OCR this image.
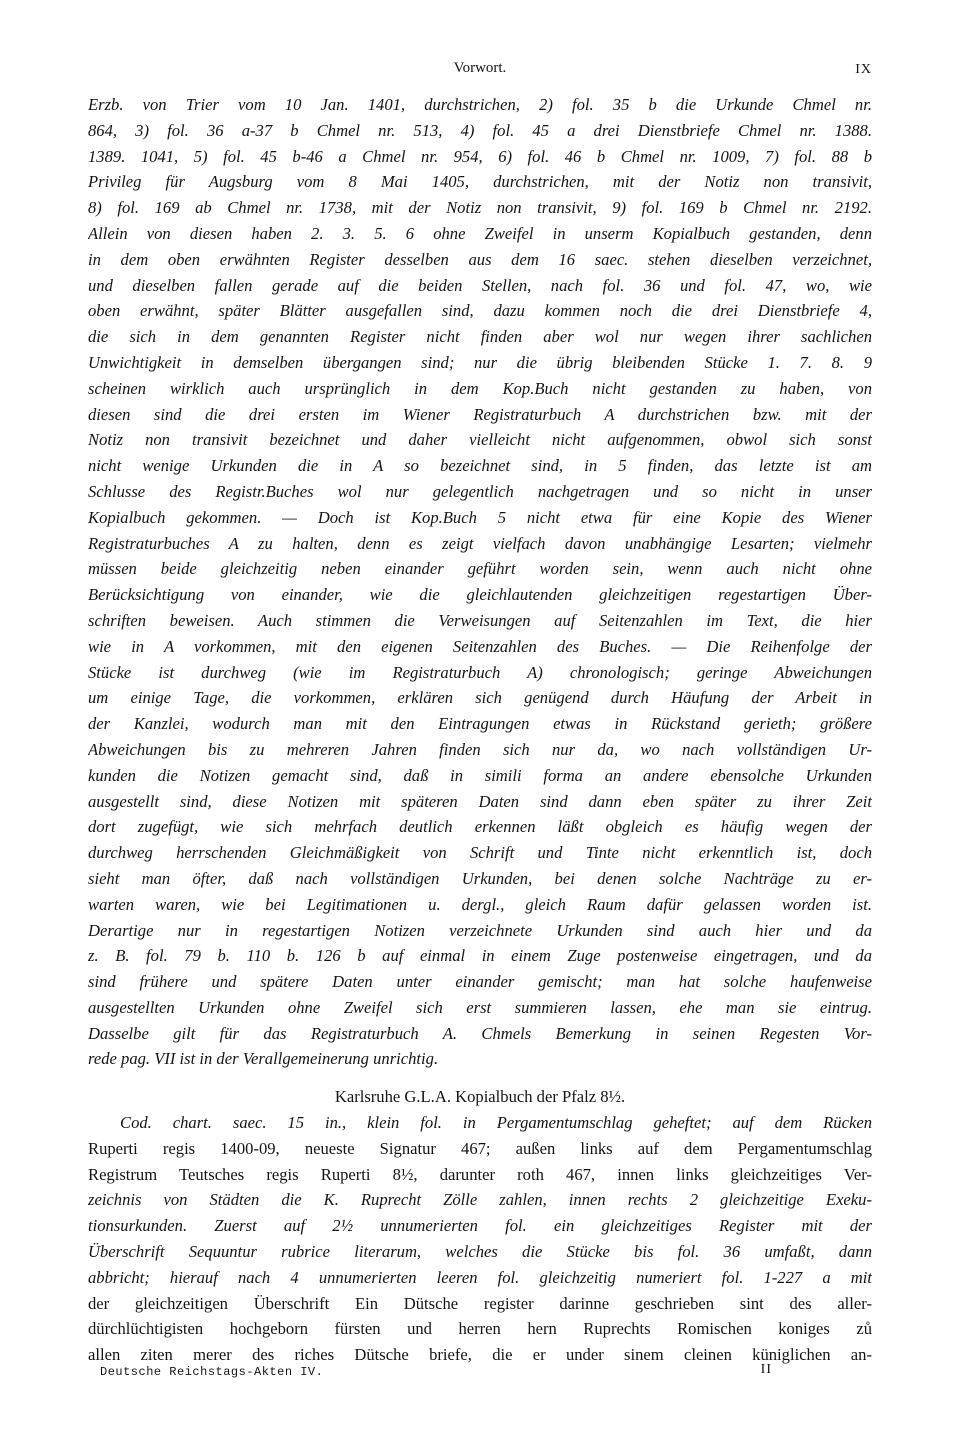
Vorwort.	IX
Erzb. von Trier vom 10 Jan. 1401, durchstrichen, 2) fol. 35 b die Urkunde Chmel nr.
864, 3) fol. 36 a-37 b Chmel nr. 513, 4) fol. 45 a drei Dienstbriefe Chmel nr. 1388.
1389. 1041, 5) fol. 45 b-46 a Chmel nr. 954, 6) fol. 46 b Chmel nr. 1009, 7) fol. 88 b
Privileg für Augsburg vom 8 Mai 1405, durchstrichen, mit der Notiz non transivit,
8) fol. 169 ab Chmel nr. 1738, mit der Notiz non transivit, 9) fol. 169 b Chmel nr. 2192.
Allein von diesen haben 2. 3. 5. 6 ohne Zweifel in unserm Kopialbuch gestanden, denn
in dem oben erwähnten Register desselben aus dem 16 saec. stehen dieselben verzeichnet,
und dieselben fallen gerade auf die beiden Stellen, nach fol. 36 und fol. 47, wo, wie
oben erwähnt, später Blätter ausgefallen sind, dazu kommen noch die drei Dienstbriefe 4,
die sich in dem genannten Register nicht finden aber wol nur wegen ihrer sachlichen
Unwichtigkeit in demselben übergangen sind; nur die übrig bleibenden Stücke 1. 7. 8. 9
scheinen wirklich auch ursprünglich in dem Kop.Buch nicht gestanden zu haben, von
diesen sind die drei ersten im Wiener Registraturbuch A durchstrichen bzw. mit der
Notiz non transivit bezeichnet und daher vielleicht nicht aufgenommen, obwol sich sonst
nicht wenige Urkunden die in A so bezeichnet sind, in 5 finden, das letzte ist am
Schlusse des Registr.Buches wol nur gelegentlich nachgetragen und so nicht in unser
Kopialbuch gekommen. — Doch ist Kop.Buch 5 nicht etwa für eine Kopie des Wiener
Registraturbuches A zu halten, denn es zeigt vielfach davon unabhängige Lesarten; vielmehr
müssen beide gleichzeitig neben einander geführt worden sein, wenn auch nicht ohne
Berücksichtigung von einander, wie die gleichlautenden gleichzeitigen regestartigen Über-
schriften beweisen. Auch stimmen die Verweisungen auf Seitenzahlen im Text, die hier
wie in A vorkommen, mit den eigenen Seitenzahlen des Buches. — Die Reihenfolge der
Stücke ist durchweg (wie im Registraturbuch A) chronologisch; geringe Abweichungen
um einige Tage, die vorkommen, erklären sich genügend durch Häufung der Arbeit in
der Kanzlei, wodurch man mit den Eintragungen etwas in Rückstand gerieth; größere
Abweichungen bis zu mehreren Jahren finden sich nur da, wo nach vollständigen Ur-
kunden die Notizen gemacht sind, daß in simili forma an andere ebensolche Urkunden
ausgestellt sind, diese Notizen mit späteren Daten sind dann eben später zu ihrer Zeit
dort zugefügt, wie sich mehrfach deutlich erkennen läßt obgleich es häufig wegen der
durchweg herrschenden Gleichmäßigkeit von Schrift und Tinte nicht erkenntlich ist, doch
sieht man öfter, daß nach vollständigen Urkunden, bei denen solche Nachträge zu er-
warten waren, wie bei Legitimationen u. dergl., gleich Raum dafür gelassen worden ist.
Derartige nur in regestartigen Notizen verzeichnete Urkunden sind auch hier und da
z. B. fol. 79 b. 110 b. 126 b auf einmal in einem Zuge postenweise eingetragen, und da
sind frühere und spätere Daten unter einander gemischt; man hat solche haufenweise
ausgestellten Urkunden ohne Zweifel sich erst summieren lassen, ehe man sie eintrug.
Dasselbe gilt für das Registraturbuch A. Chmels Bemerkung in seinen Regesten Vor-
rede pag. VII ist in der Verallgemeinerung unrichtig.
Karlsruhe G.L.A. Kopialbuch der Pfalz 8½.
Cod. chart. saec. 15 in., klein fol. in Pergamentumschlag geheftet; auf dem Rücken
Ruperti regis 1400-09, neueste Signatur 467; außen links auf dem Pergamentumschlag
Registrum Teutsches regis Ruperti 8½, darunter roth 467, innen links gleichzeitiges Ver-
zeichnis von Städten die K. Ruprecht Zölle zahlen, innen rechts 2 gleichzeitige Exeku-
tionsurkunden. Zuerst auf 2½ unnumerierten fol. ein gleichzeitiges Register mit der
Überschrift Sequuntur rubrice literarum, welches die Stücke bis fol. 36 umfaßt, dann
abbricht; hierauf nach 4 unnumerierten leeren fol. gleichzeitig numeriert fol. 1-227 a mit
der gleichzeitigen Überschrift Ein Dütsche register darinne geschrieben sint des aller-
dürchlüchtigisten hochgeborn fürsten und herren hern Ruprechts Romischen koniges zů
allen ziten merer des riches Dütsche briefe, die er under sinem cleinen küniglichen an-
Deutsche Reichstags-Akten IV.	II
